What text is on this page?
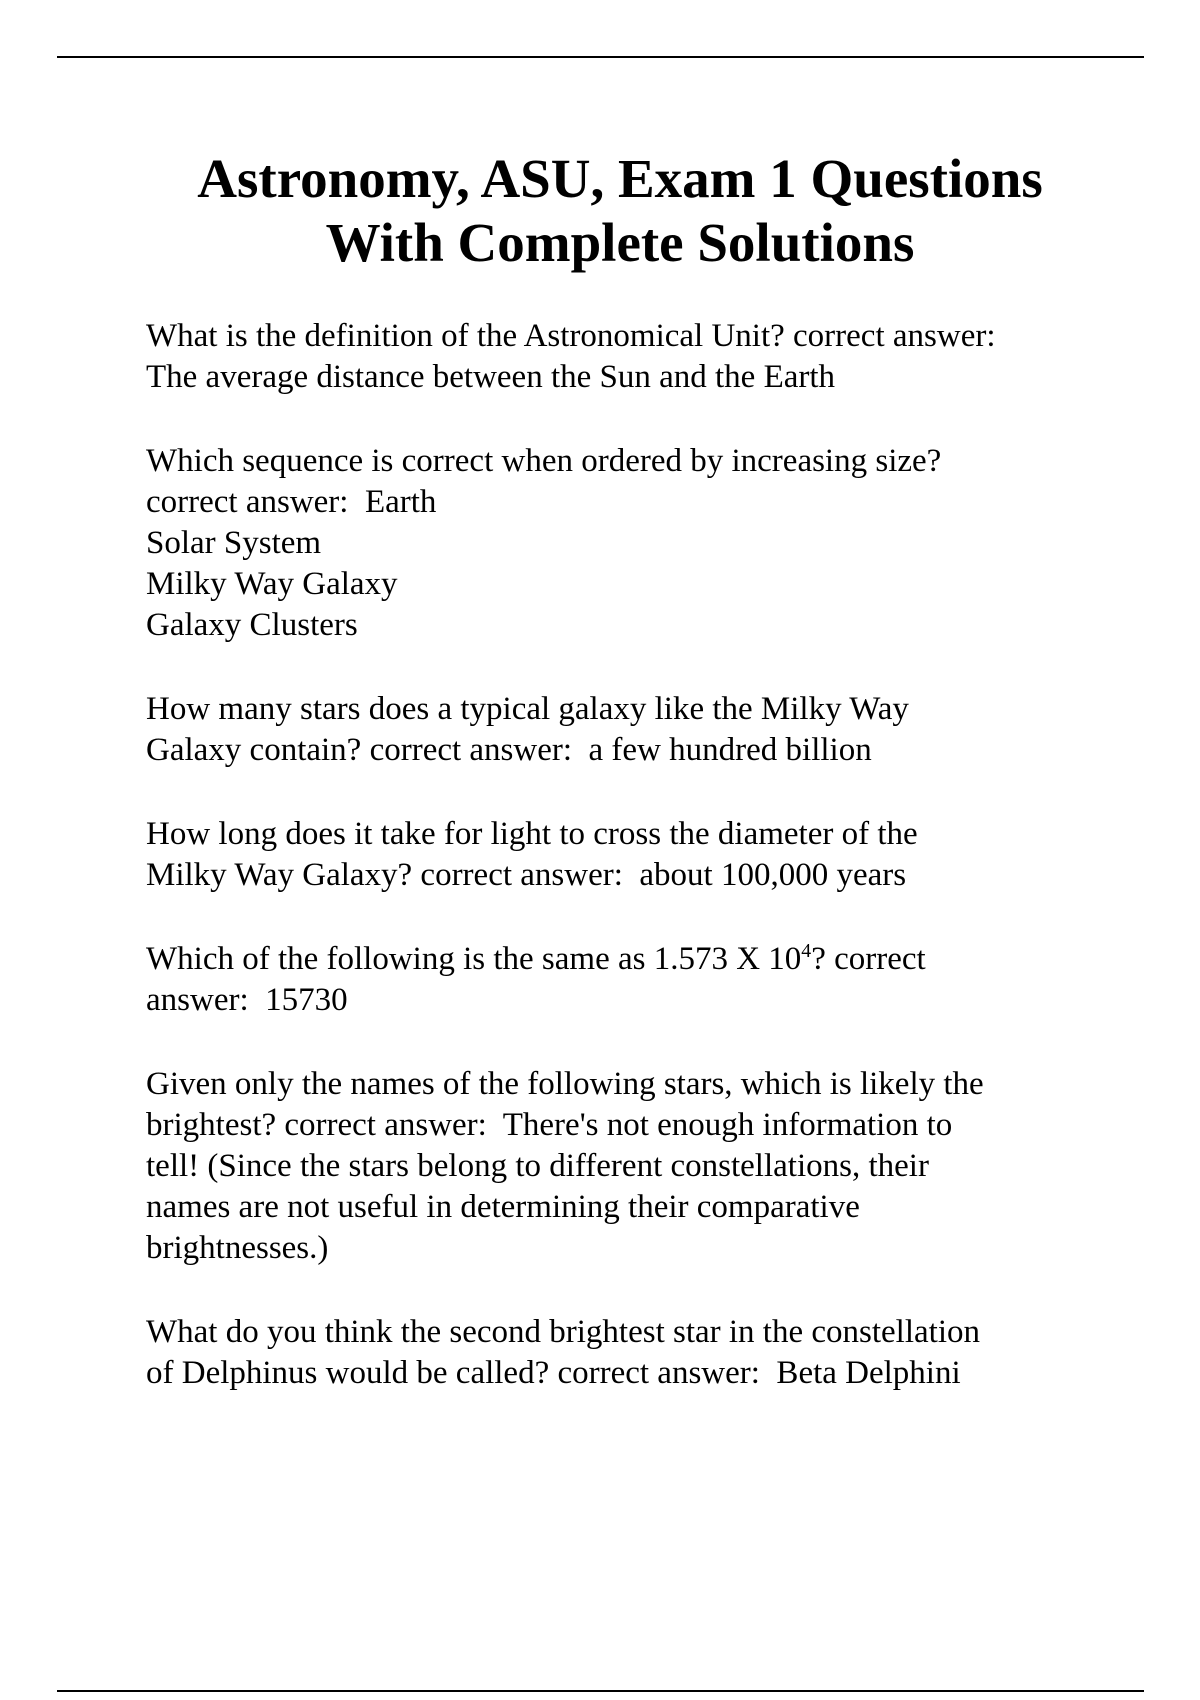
Astronomy, ASU, Exam 1 Questions
With Complete Solutions

What is the definition of the Astronomical Unit? correct answer:
The average distance between the Sun and the Earth

Which sequence is correct when ordered by increasing size?
correct answer:  Earth
Solar System
Milky Way Galaxy
Galaxy Clusters

How many stars does a typical galaxy like the Milky Way
Galaxy contain? correct answer:  a few hundred billion

How long does it take for light to cross the diameter of the
Milky Way Galaxy? correct answer:  about 100,000 years

Which of the following is the same as 1.573 X $10^4$? correct
answer:  15730

Given only the names of the following stars, which is likely the
brightest? correct answer:  There's not enough information to
tell! (Since the stars belong to different constellations, their
names are not useful in determining their comparative
brightnesses.)

What do you think the second brightest star in the constellation
of Delphinus would be called? correct answer:  Beta Delphini
